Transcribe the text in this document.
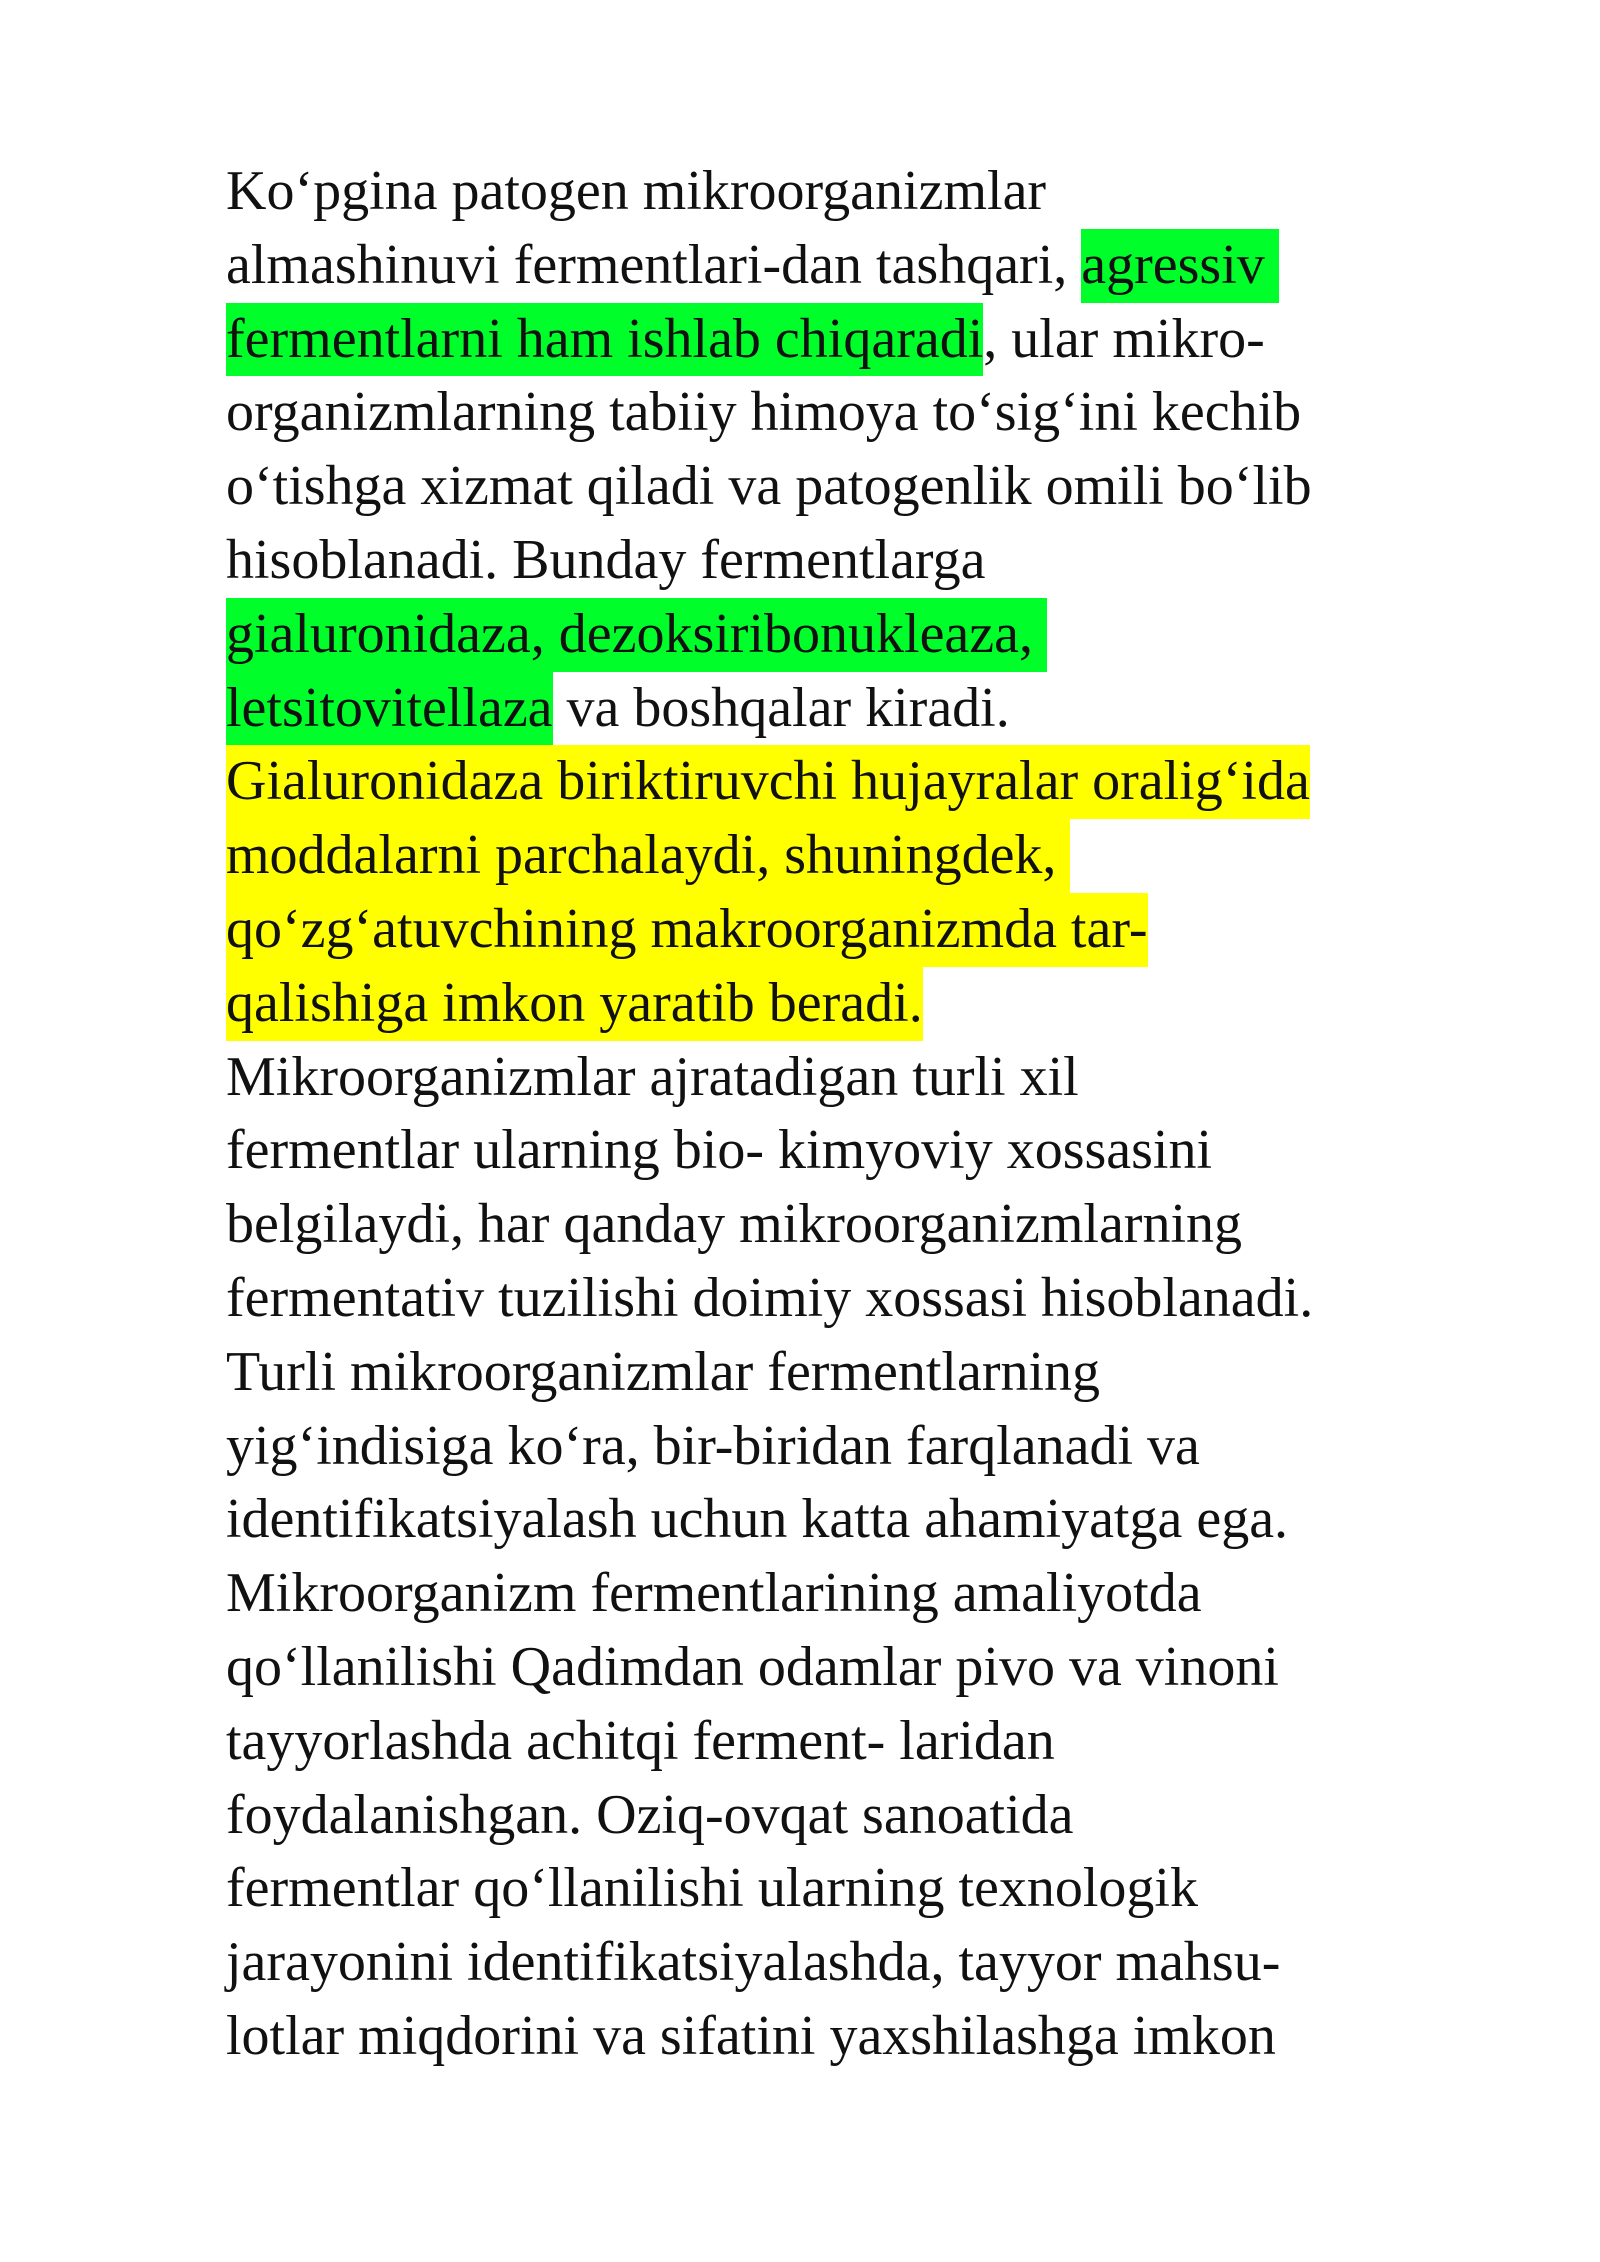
Ko‘pgina patogen mikroorganizmlar
almashinuvi fermentlari-dan tashqari, agressiv
fermentlarni ham ishlab chiqaradi, ular mikro-
organizmlarning tabiiy himoya to‘sig‘ini kechib
o‘tishga xizmat qiladi va patogenlik omili bo‘lib
hisoblanadi. Bunday fermentlarga
gialuronidaza, dezoksiribonukleaza,
letsitovitellaza va boshqalar kiradi.
Gialuronidaza biriktiruvchi hujayralar oralig‘ida
moddalarni parchalaydi, shuningdek,
qo‘zg‘atuvchining makroorganizmda tar-
qalishiga imkon yaratib beradi.
Mikroorganizmlar ajratadigan turli xil
fermentlar ularning bio- kimyoviy xossasini
belgilaydi, har qanday mikroorganizmlarning
fermentativ tuzilishi doimiy xossasi hisoblanadi.
Turli mikroorganizmlar fermentlarning
yig‘indisiga ko‘ra, bir-biridan farqlanadi va
identifikatsiyalash uchun katta ahamiyatga ega.
Mikroorganizm fermentlarining amaliyotda
qo‘llanilishi Qadimdan odamlar pivo va vinoni
tayyorlashda achitqi ferment- laridan
foydalanishgan. Oziq-ovqat sanoatida
fermentlar qo‘llanilishi ularning texnologik
jarayonini identifikatsiyalashda, tayyor mahsu-
lotlar miqdorini va sifatini yaxshilashga imkon
